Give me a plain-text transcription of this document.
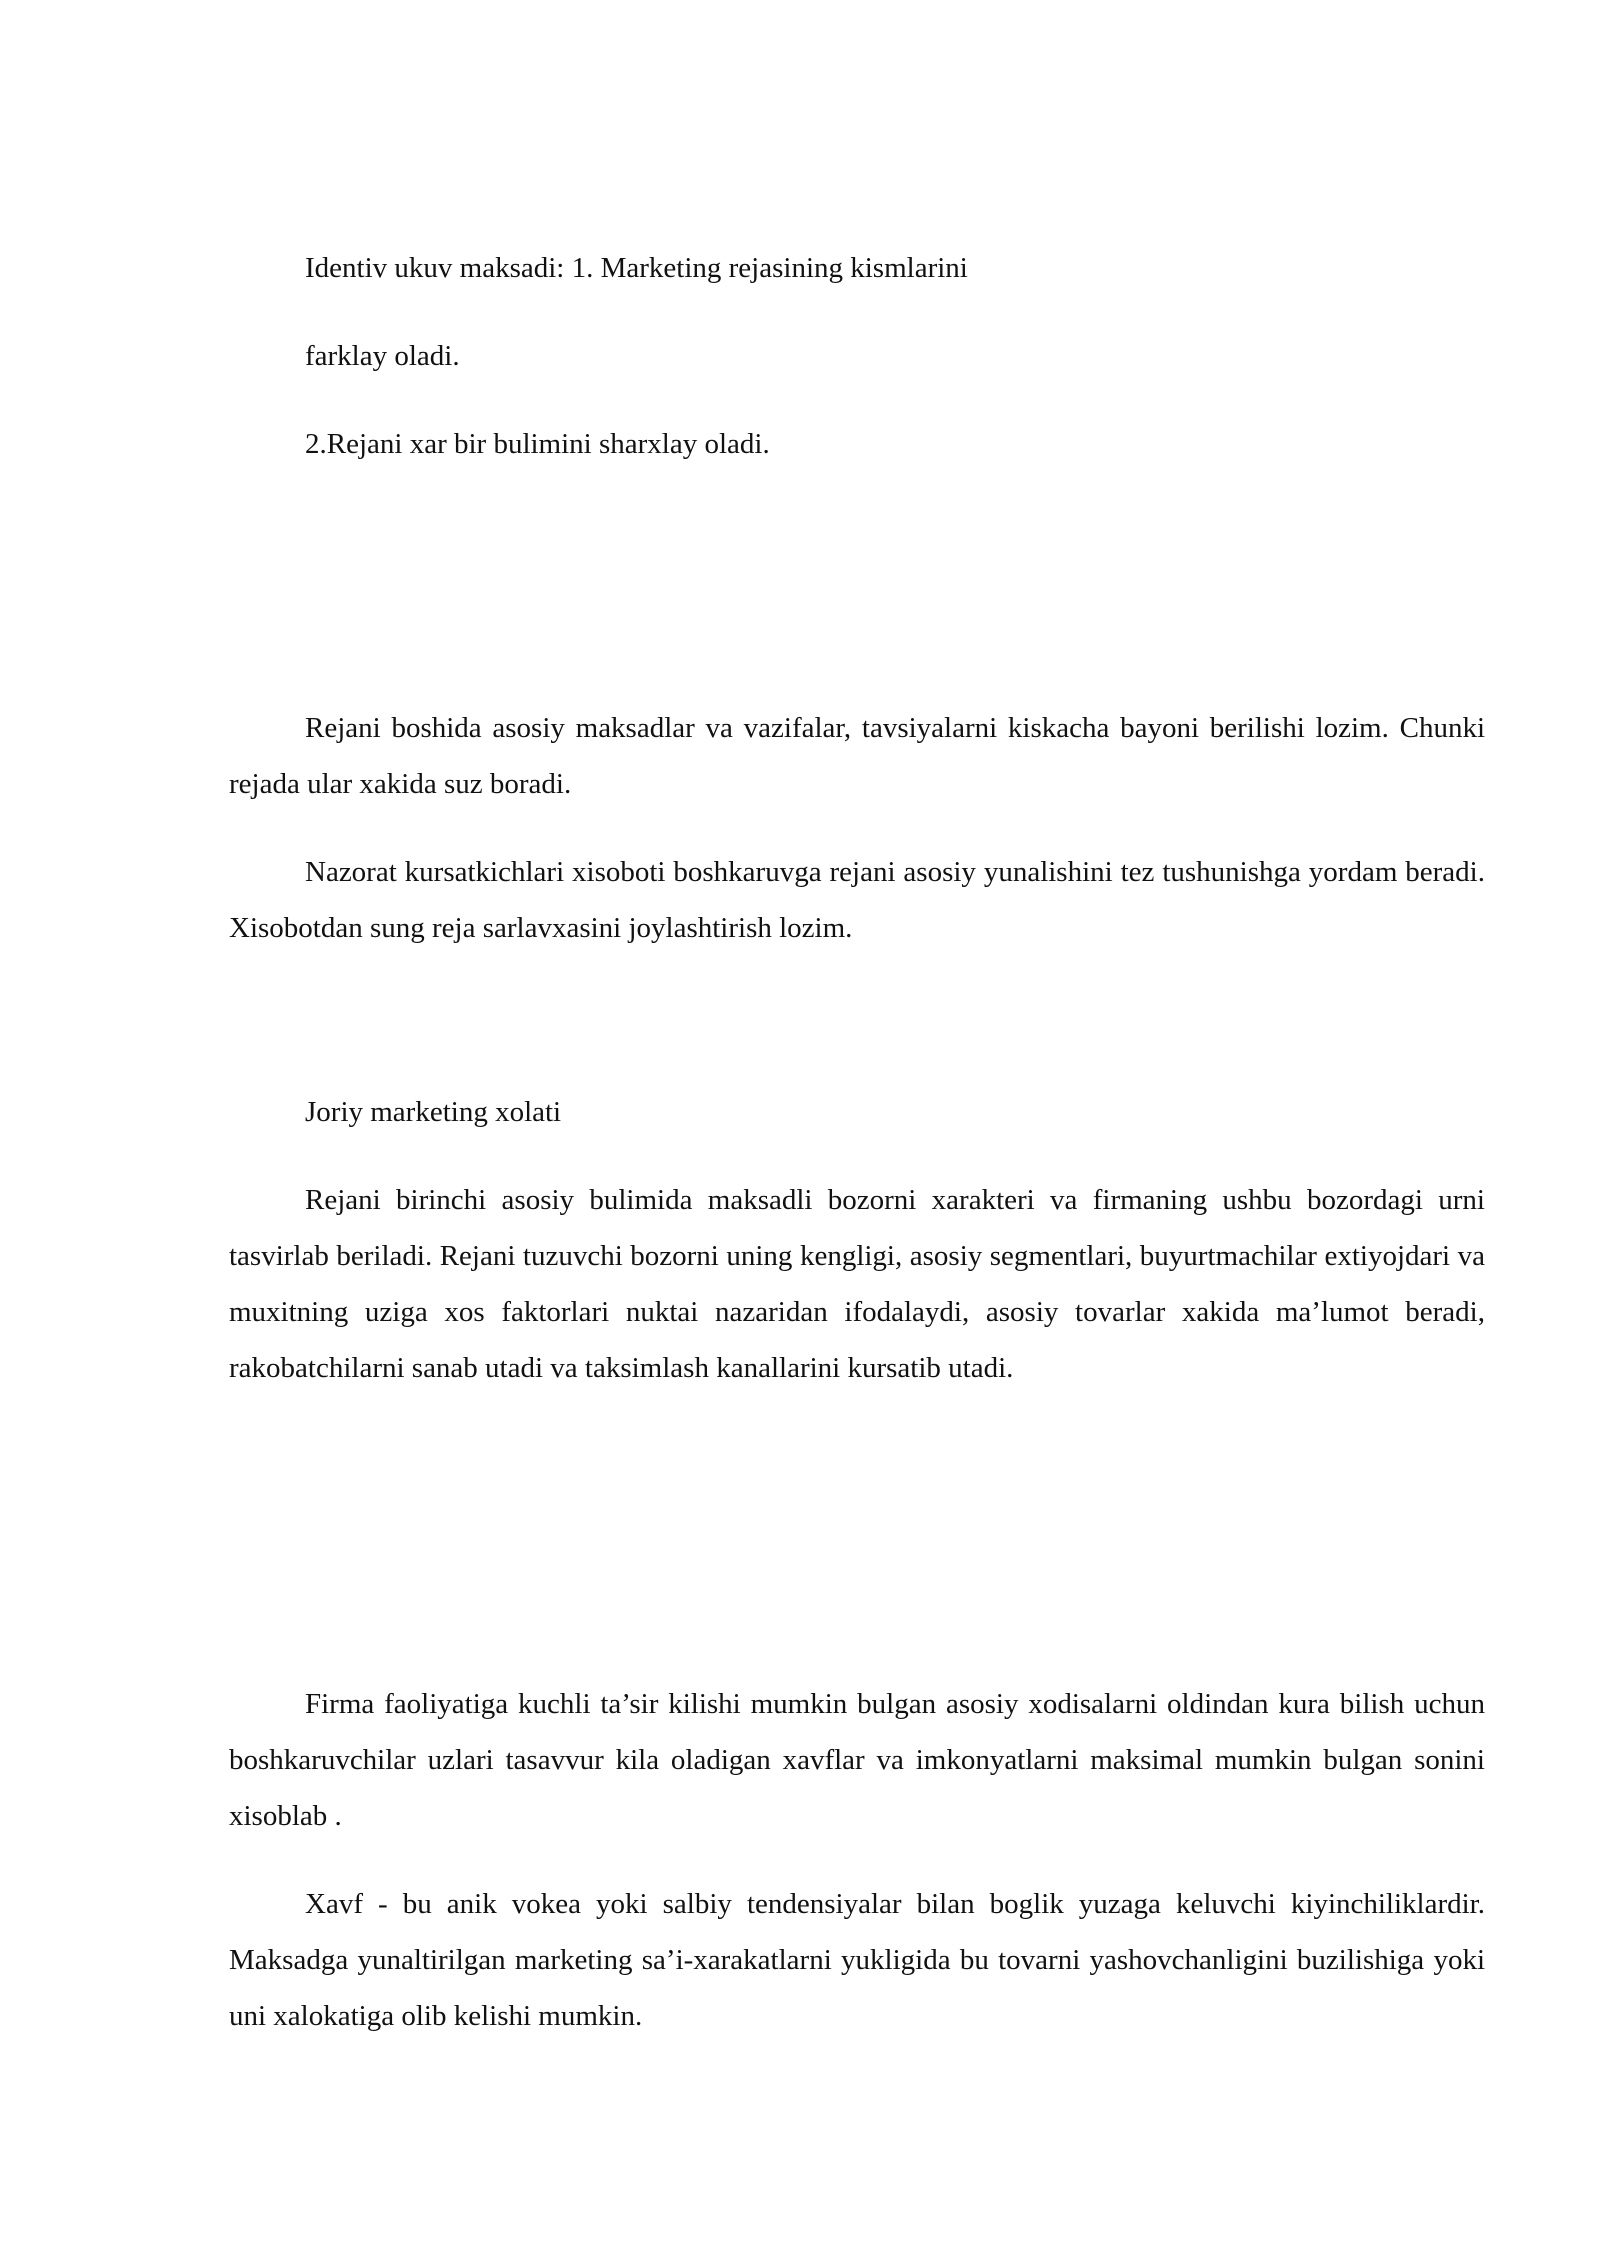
Identiv ukuv maksadi: 1. Marketing rejasining kismlarini
farklay oladi.
2.Rejani xar bir bulimini sharxlay oladi.

Rejani boshida asosiy maksadlar va vazifalar, tavsiyalarni kiskacha bayoni berilishi lozim. Chunki rejada ular xakida suz boradi.

Nazorat kursatkichlari xisoboti boshkaruvga rejani asosiy yunalishini tez tushunishga yordam beradi. Xisobotdan sung reja sarlavxasini joylashtirish lozim.

Joriy marketing xolati

Rejani birinchi asosiy bulimida maksadli bozorni xarakteri va firmaning ushbu bozordagi urni tasvirlab beriladi. Rejani tuzuvchi bozorni uning kengligi, asosiy segmentlari, buyurtmachilar extiyojdari va muxitning uziga xos faktorlari nuktai nazaridan ifodalaydi, asosiy tovarlar xakida ma’lumot beradi, rakobatchilarni sanab utadi va taksimlash kanallarini kursatib utadi.

Firma faoliyatiga kuchli ta’sir kilishi mumkin bulgan asosiy xodisalarni oldindan kura bilish uchun boshkaruvchilar uzlari tasavvur kila oladigan xavflar va imkonyatlarni maksimal mumkin bulgan sonini xisoblab .

Xavf - bu anik vokea yoki salbiy tendensiyalar bilan boglik yuzaga keluvchi kiyinchiliklardir. Maksadga yunaltirilgan marketing sa’i-xarakatlarni yukligida bu tovarni yashovchanligini buzilishiga yoki uni xalokatiga olib kelishi mumkin.
